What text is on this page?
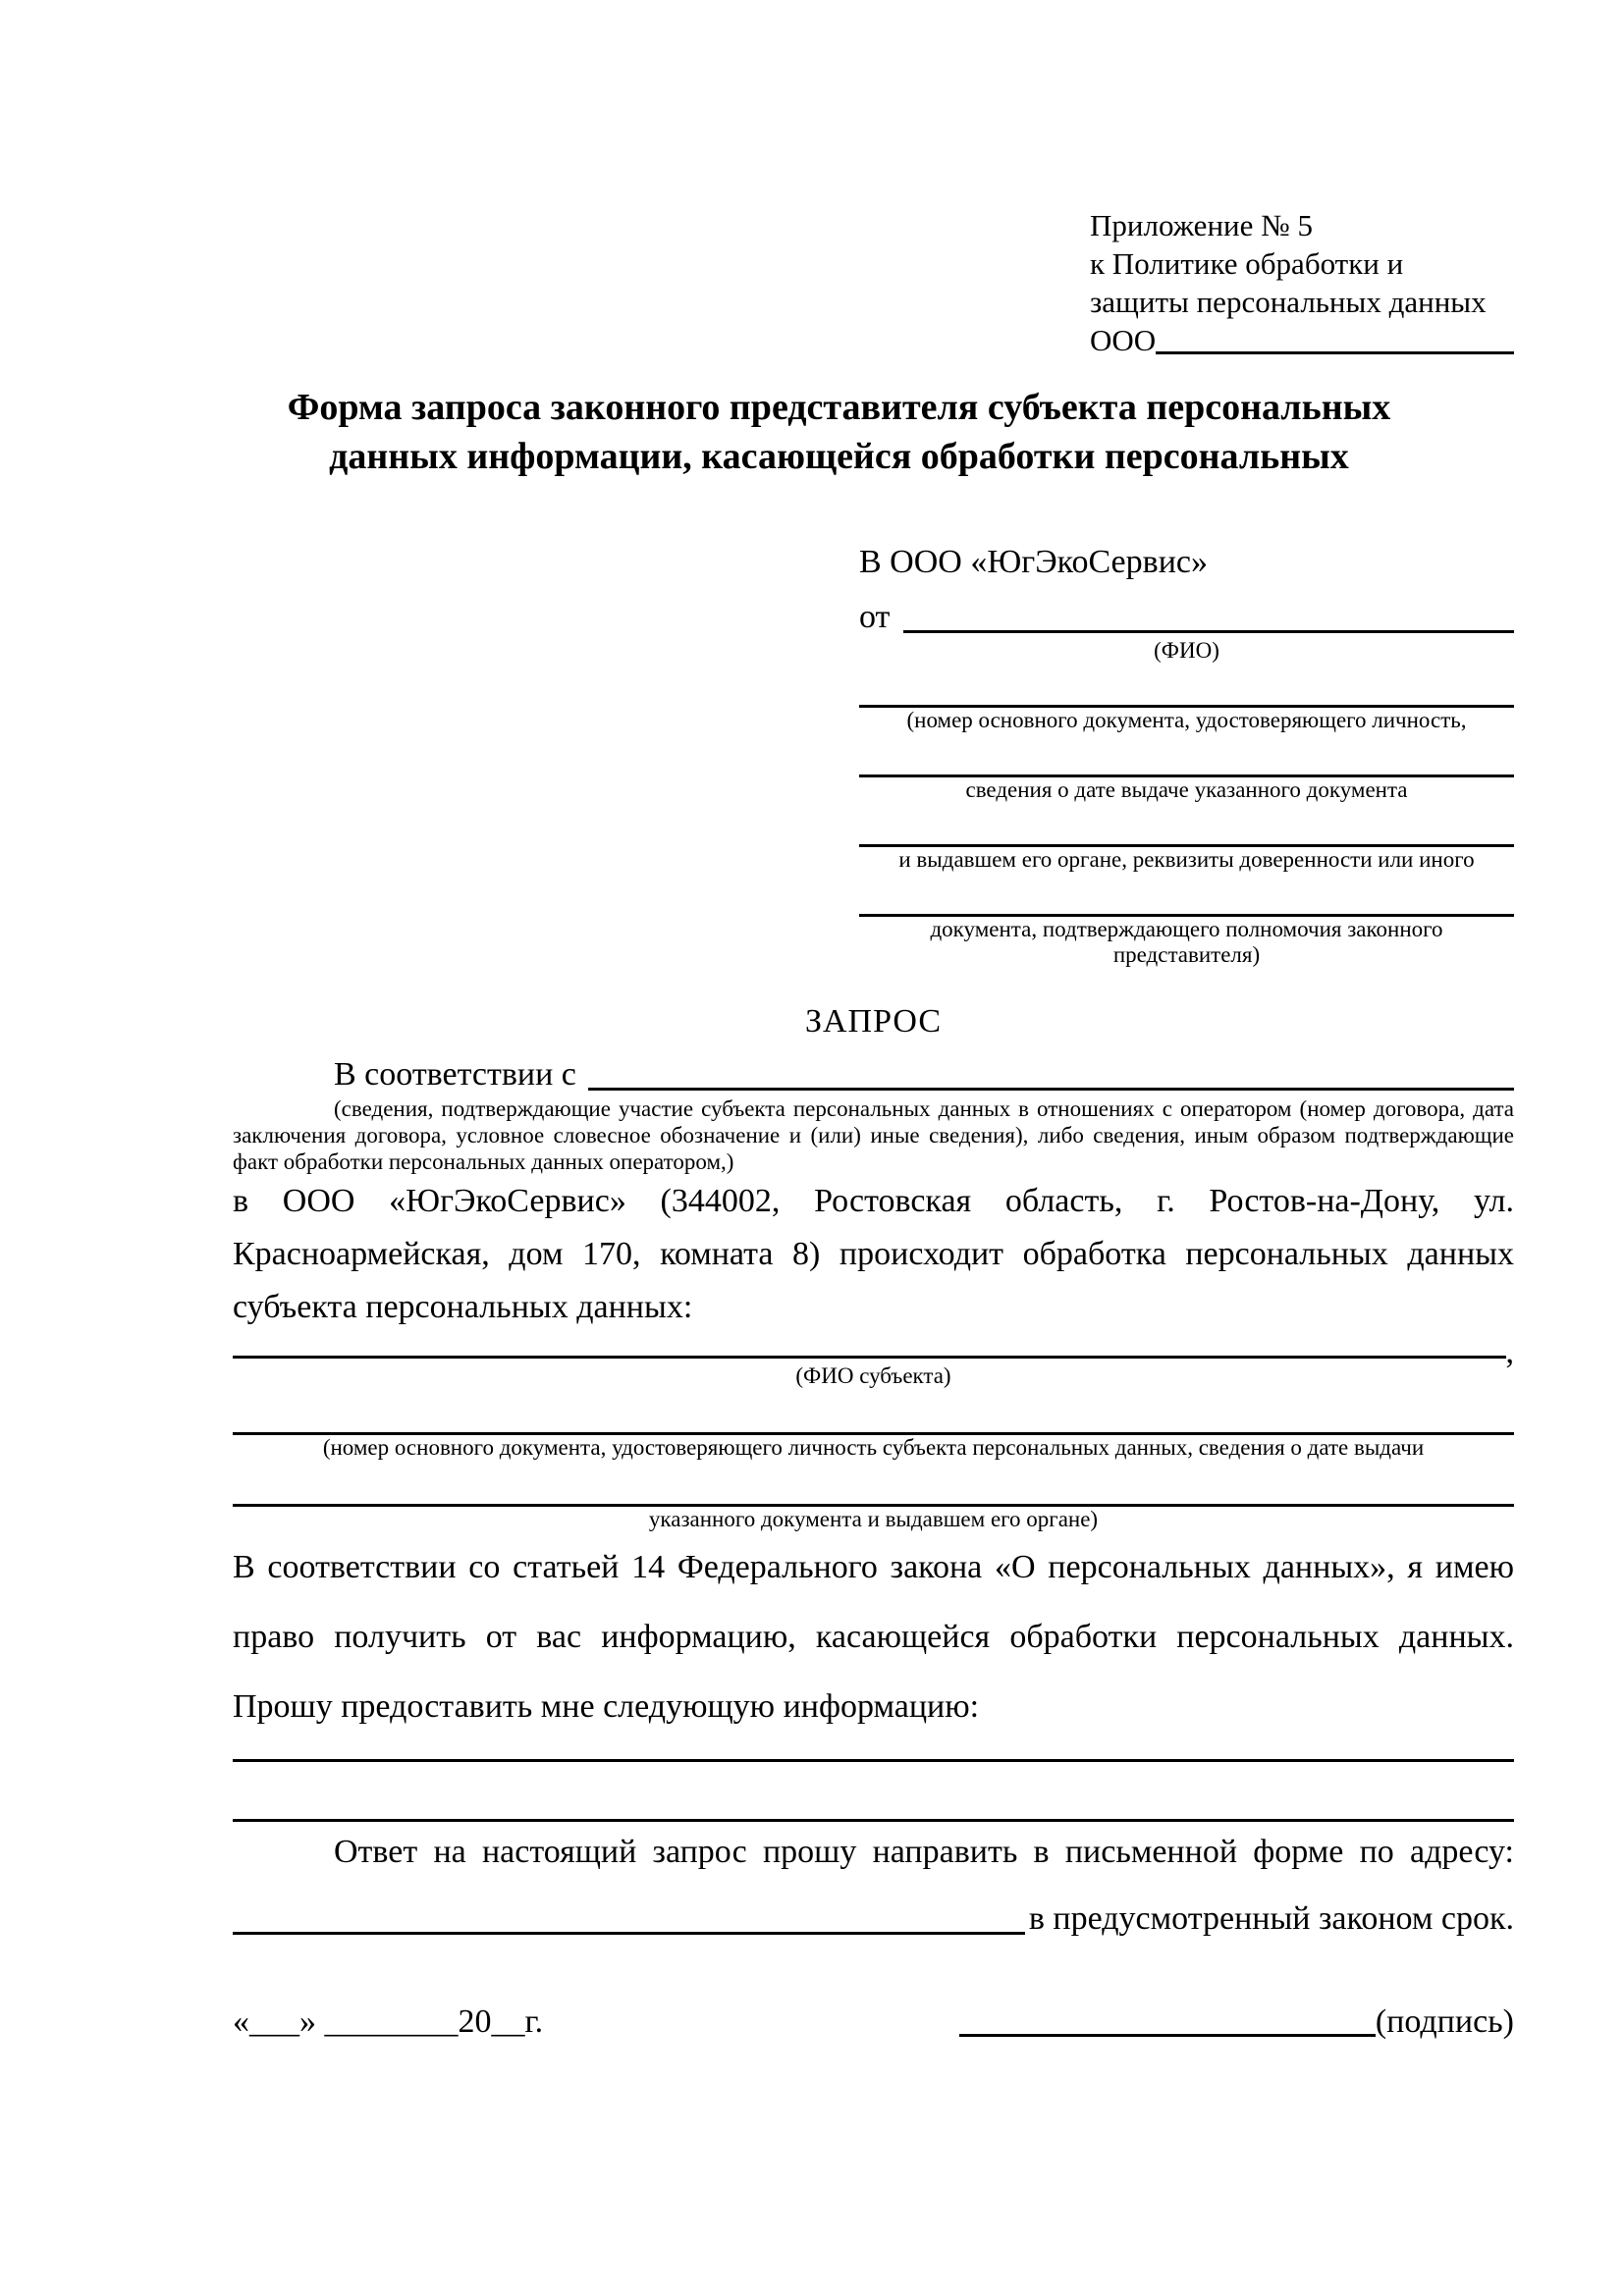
Приложение № 5
к Политике обработки и
защиты персональных данных
ООО
Форма запроса законного представителя субъекта персональных
данных информации, касающейся обработки персональных
В ООО «ЮгЭкоСервис»
от
(ФИО)
(номер основного документа, удостоверяющего личность,
сведения о дате выдаче указанного документа
и выдавшем его органе, реквизиты доверенности или иного
документа, подтверждающего полномочия законного представителя)
ЗАПРОС
В соответствии с
(сведения, подтверждающие участие субъекта персональных данных в отношениях с оператором (номер договора, дата заключения договора, условное словесное обозначение и (или) иные сведения), либо сведения, иным образом подтверждающие факт обработки персональных данных оператором,)

в ООО «ЮгЭкоСервис» (344002, Ростовская область, г. Ростов-на-Дону, ул. Красноармейская, дом 170, комната 8) происходит обработка персональных данных субъекта персональных данных:

,
(ФИО субъекта)
(номер основного документа, удостоверяющего личность субъекта персональных данных, сведения о дате выдачи
указанного документа и выдавшем его органе)

В соответствии со статьей 14 Федерального закона «О персональных данных», я имею право получить от вас информацию, касающейся обработки персональных данных. Прошу предоставить мне следующую информацию:

Ответ на настоящий запрос прошу направить в письменной форме по адресу:

в предусмотренный законом срок.
«___» ________20__г.	(подпись)
